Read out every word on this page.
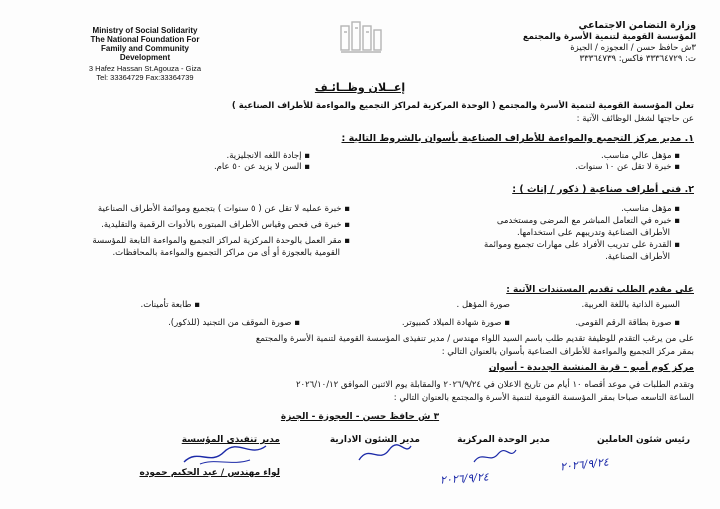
Ministry of Social Solidarity
The National Foundation For
Family and Community
Development
3 Hafez Hassan St.Agouza - Giza
Tel: 33364729 Fax:33364739
وزارة التضامن الاجتماعي
المؤسسة القومية لتنمية الأسرة والمجتمع
٣ش حافظ حسن / العجوزه / الجيزة
ت: ٣٣٣٦٤٧٢٩ فاكس: ٣٣٣٦٤٧٣٩
إعــلان وظــائـف
تعلن المؤسسة القومية لتنمية الأسرة والمجتمع ( الوحدة المركزية لمراكز التجميع والمواءمة للأطراف الصناعية )
عن حاجتها لشغل الوظائف الآتية :
١. مدير مركز التجميع والمواءمة للأطراف الصناعية بأسوان بالشروط التالية :
▪ مؤهل عالي مناسب.
▪ خبرة لا تقل عن ١٠ سنوات.
▪ إجادة اللغه الانجليزية.
▪ السن لا يزيد عن ٥٠ عام.
٢. فنى أطراف صناعية ( ذكور / إناث ) :
▪ مؤهل مناسب.
▪ خبره في التعامل المباشر مع المرضى ومستخدمى
الأطراف الصناعية وتدريبهم على استخدامها.
▪ القدرة على تدريب الأفراد على مهارات تجميع وموائمة
الأطراف الصناعية.
▪ خبرة عمليه لا تقل عن ( ٥ سنوات ) بتجميع وموائمة الأطراف الصناعية
▪ خبرة فى فحص وقياس الأطراف المبتوره بالأدوات الرقمية والتقليدية.
▪ مقر العمل بالوحدة المركزية لمراكز التجميع والمواءمة التابعة للمؤسسة
القومية بالعجوزة أو أى من مراكز التجميع والمواءمة بالمحافظات.
على مقدم الطلب تقديم المستندات الآتية :
السيرة الذاتية باللغة العربية.
صورة المؤهل .
▪ طابعة تأمينات.
▪ صورة بطاقة الرقم القومى.
▪ صورة شهادة الميلاد كمبيوتر.
▪ صورة الموقف من التجنيد (للذكور).
على من يرغب التقدم للوظيفة تقديم طلب باسم السيد اللواء مهندس / مدير تنفيذى المؤسسة القومية لتنمية الأسرة والمجتمع
بمقر مركز التجميع والمواءمة للأطراف الصناعية بأسوان بالعنوان التالي :
مركز كوم أمبو - قرية المنشية الجديدة - أسوان
وتقدم الطلبات في موعد أقصاه ١٠ أيام من تاريخ الاعلان في ٢٠٢٦/٩/٢٤ والمقابلة يوم الاثنين الموافق ٢٠٢٦/١٠/١٢
الساعة التاسعه صباحا بمقر المؤسسة القومية لتنمية الأسرة والمجتمع بالعنوان التالي :
٣ ش حافظ حسن - العجوزة - الجيزة
رئيس شئون العاملين
مدير الوحدة المركزية
مدير الشئون الادارية
مدير تنفيذى المؤسسة
لواء مهندس / عبد الحكيم حموده	٢٠٢٦/٩/٢٤
٢٠٢٦/٩/٢٤
